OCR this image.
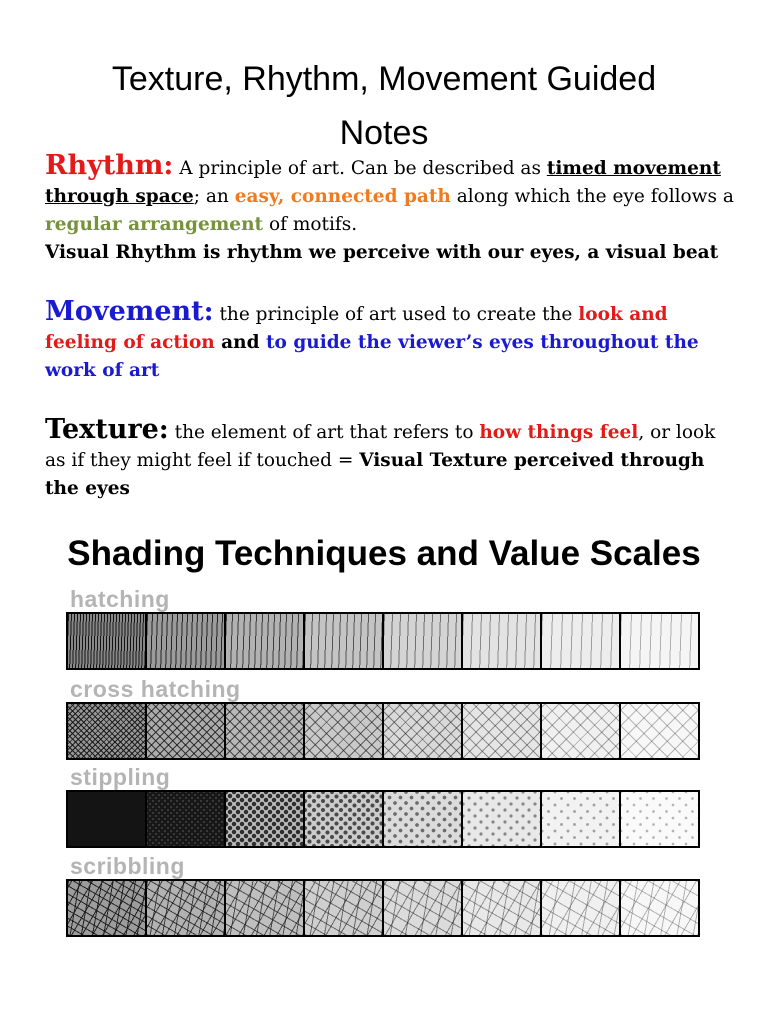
Texture, Rhythm, Movement Guided
Notes
Rhythm: A principle of art. Can be described as timed movement through space; an easy, connected path along which the eye follows a regular arrangement of motifs.
Visual Rhythm is rhythm we perceive with our eyes, a visual beat
Movement: the principle of art used to create the look and feeling of action and to guide the viewer’s eyes throughout the work of art
Texture: the element of art that refers to how things feel, or look as if they might feel if touched = Visual Texture perceived through the eyes
Shading Techniques and Value Scales
hatching
cross hatching
stippling
scribbling
